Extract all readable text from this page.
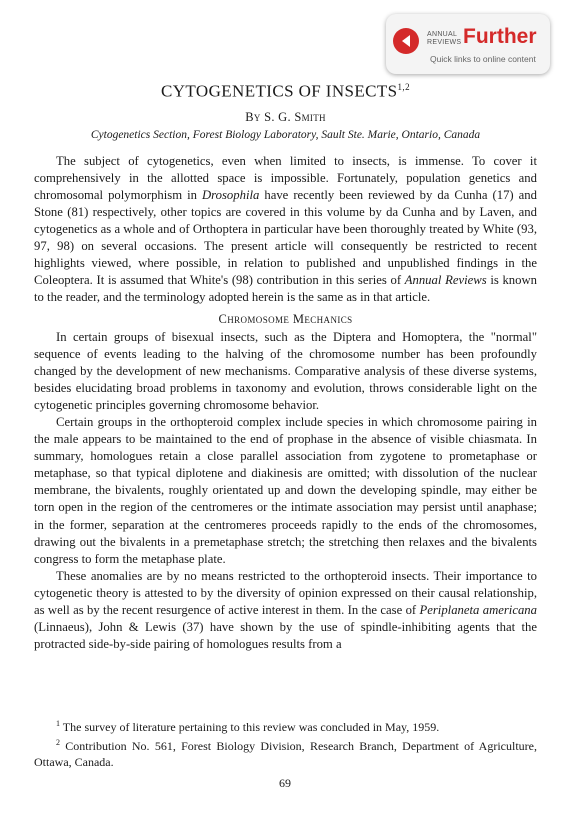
ANNUAL
REVIEWS Further
Quick links to online content
CYTOGENETICS OF INSECTS$^{1,2}$
By S. G. Smith
Cytogenetics Section, Forest Biology Laboratory, Sault Ste. Marie, Ontario, Canada

The subject of cytogenetics, even when limited to insects, is immense. To cover it comprehensively in the allotted space is impossible. Fortunately, population genetics and chromosomal polymorphism in Drosophila have recently been reviewed by da Cunha (17) and Stone (81) respectively, other topics are covered in this volume by da Cunha and by Laven, and cytogenetics as a whole and of Orthoptera in particular have been thoroughly treated by White (93, 97, 98) on several occasions. The present article will consequently be restricted to recent highlights viewed, where possible, in relation to published and unpublished findings in the Coleoptera. It is assumed that White's (98) contribution in this series of Annual Reviews is known to the reader, and the terminology adopted herein is the same as in that article.

Chromosome Mechanics

In certain groups of bisexual insects, such as the Diptera and Homoptera, the "normal" sequence of events leading to the halving of the chromosome number has been profoundly changed by the development of new mechanisms. Comparative analysis of these diverse systems, besides elucidating broad problems in taxonomy and evolution, throws considerable light on the cytogenetic principles governing chromosome behavior.

Certain groups in the orthopteroid complex include species in which chromosome pairing in the male appears to be maintained to the end of prophase in the absence of visible chiasmata. In summary, homologues retain a close parallel association from zygotene to prometaphase or metaphase, so that typical diplotene and diakinesis are omitted; with dissolution of the nuclear membrane, the bivalents, roughly orientated up and down the developing spindle, may either be torn open in the region of the centromeres or the intimate association may persist until anaphase; in the former, separation at the centromeres proceeds rapidly to the ends of the chromosomes, drawing out the bivalents in a premetaphase stretch; the stretching then relaxes and the bivalents congress to form the metaphase plate.

These anomalies are by no means restricted to the orthopteroid insects. Their importance to cytogenetic theory is attested to by the diversity of opinion expressed on their causal relationship, as well as by the recent resurgence of active interest in them. In the case of Periplaneta americana (Linnaeus), John & Lewis (37) have shown by the use of spindle-inhibiting agents that the protracted side-by-side pairing of homologues results from a

$^1$ The survey of literature pertaining to this review was concluded in May, 1959.

$^2$ Contribution No. 561, Forest Biology Division, Research Branch, Department of Agriculture, Ottawa, Canada.

69
